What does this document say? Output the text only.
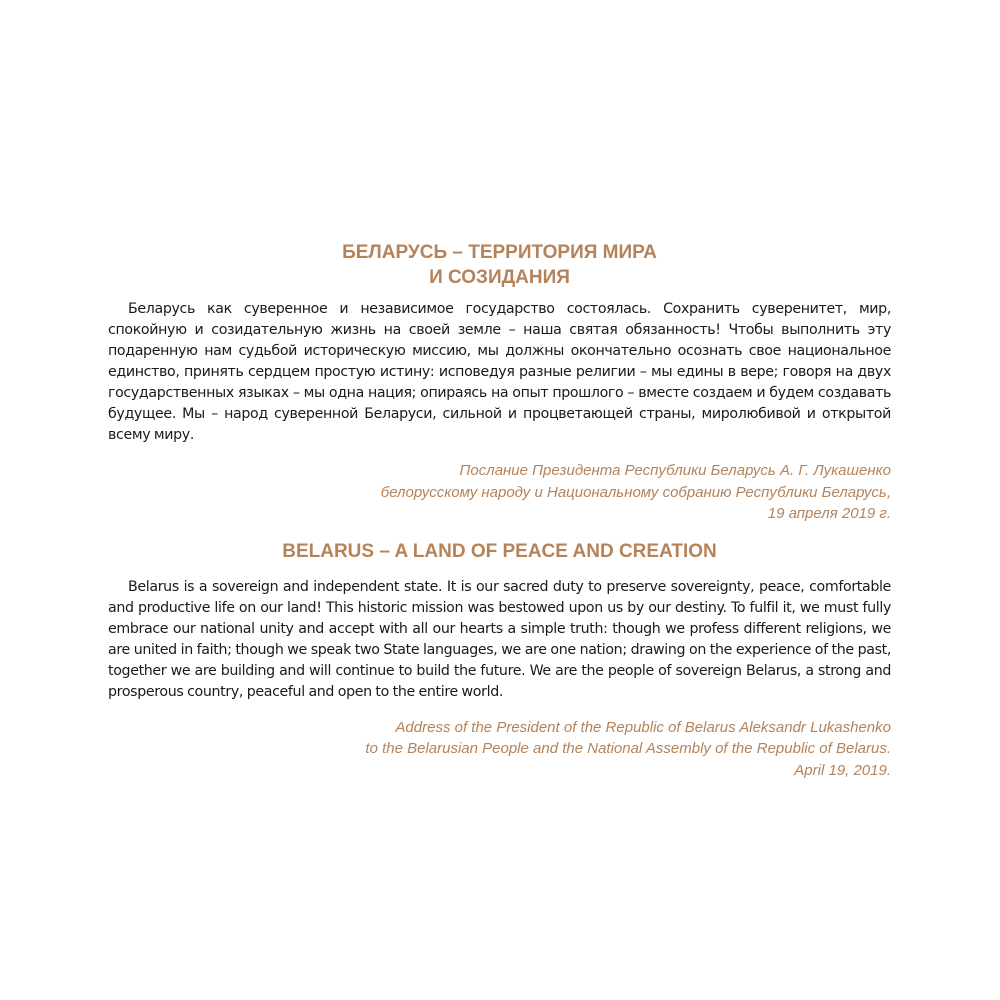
БЕЛАРУСЬ – ТЕРРИТОРИЯ МИРА
И СОЗИДАНИЯ

Беларусь как суверенное и независимое государство состоялась. Сохранить суверенитет, мир, спокойную и созидательную жизнь на своей земле – наша святая обязанность! Чтобы выполнить эту подаренную нам судьбой историческую миссию, мы должны окончательно осознать свое национальное единство, принять сердцем простую истину: исповедуя разные религии – мы едины в вере; говоря на двух государственных языках – мы одна нация; опираясь на опыт прошлого – вместе создаем и будем создавать будущее. Мы – народ суверенной Беларуси, сильной и процветающей страны, миролюбивой и открытой всему миру.

Послание Президента Республики Беларусь А. Г. Лукашенко
белорусскому народу и Национальному собранию Республики Беларусь,
19 апреля 2019 г.
BELARUS – A LAND OF PEACE AND CREATION

Belarus is a sovereign and independent state. It is our sacred duty to preserve sovereignty, peace, comfortable and productive life on our land! This historic mission was bestowed upon us by our destiny. To fulfil it, we must fully embrace our national unity and accept with all our hearts a simple truth: though we profess different religions, we are united in faith; though we speak two State languages, we are one nation; drawing on the experience of the past, together we are building and will continue to build the future. We are the people of sovereign Belarus, a strong and prosperous country, peaceful and open to the entire world.

Address of the President of the Republic of Belarus Aleksandr Lukashenko
to the Belarusian People and the National Assembly of the Republic of Belarus.
April 19, 2019.
